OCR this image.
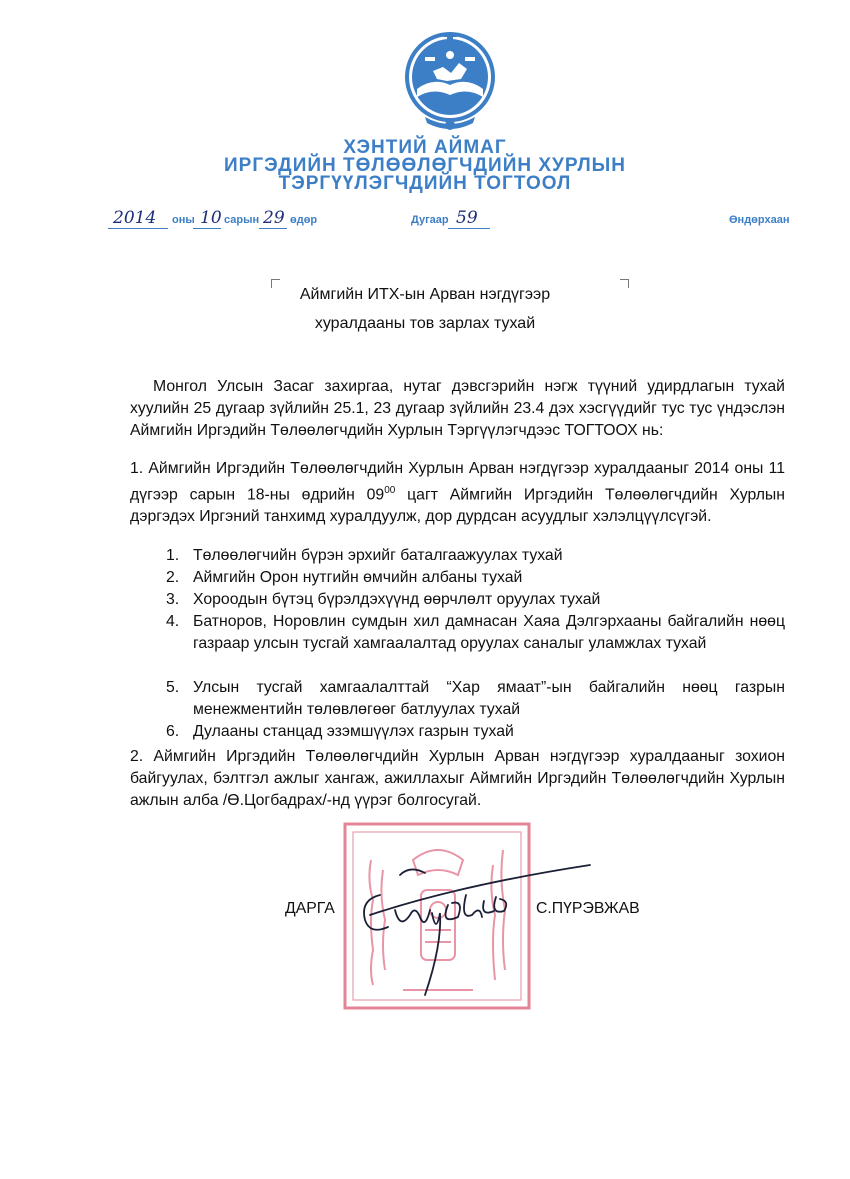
ХЭНТИЙ АЙМАГ
ИРГЭДИЙН ТӨЛӨӨЛӨГЧДИЙН ХУРЛЫН
ТЭРГҮҮЛЭГЧДИЙН ТОГТООЛ
2014 оны 10 сарын 29 өдөр	Дугаар 59	Өндөрхаан
Аймгийн ИТХ-ын Арван нэгдүгээр
хуралдааны тов зарлах тухай

Монгол Улсын Засаг захиргаа, нутаг дэвсгэрийн нэгж түүний удирдлагын тухай хуулийн 25 дугаар зүйлийн 25.1, 23 дугаар зүйлийн 23.4 дэх хэсгүүдийг тус тус үндэслэн Аймгийн Иргэдийн Төлөөлөгчдийн Хурлын Тэргүүлэгчдээс ТОГТООХ нь:

1. Аймгийн Иргэдийн Төлөөлөгчдийн Хурлын Арван нэгдүгээр хуралдааныг 2014 оны 11 дүгээр сарын 18-ны өдрийн $09^{00}$ цагт Аймгийн Иргэдийн Төлөөлөгчдийн Хурлын дэргэдэх Иргэний танхимд хуралдуулж, дор дурдсан асуудлыг хэлэлцүүлсүгэй.

1. Төлөөлөгчийн бүрэн эрхийг баталгаажуулах тухай
2. Аймгийн Орон нутгийн өмчийн албаны тухай
3. Хороодын бүтэц бүрэлдэхүүнд өөрчлөлт оруулах тухай
4. Батноров, Норовлин сумдын хил дамнасан Хаяа Дэлгэрхааны байгалийн нөөц газраар улсын тусгай хамгаалалтад оруулах саналыг уламжлах тухай
5. Улсын тусгай хамгаалалттай “Хар ямаат”-ын байгалийн нөөц газрын менежментийн төлөвлөгөөг батлуулах тухай
6. Дулааны станцад эзэмшүүлэх газрын тухай

2. Аймгийн Иргэдийн Төлөөлөгчдийн Хурлын Арван нэгдүгээр хуралдааныг зохион байгуулах, бэлтгэл ажлыг хангаж, ажиллахыг Аймгийн Иргэдийн Төлөөлөгчдийн Хурлын ажлын алба /Ө.Цогбадрах/-нд үүрэг болгосугай.

ДАРГА	С.ПҮРЭВЖАВ
